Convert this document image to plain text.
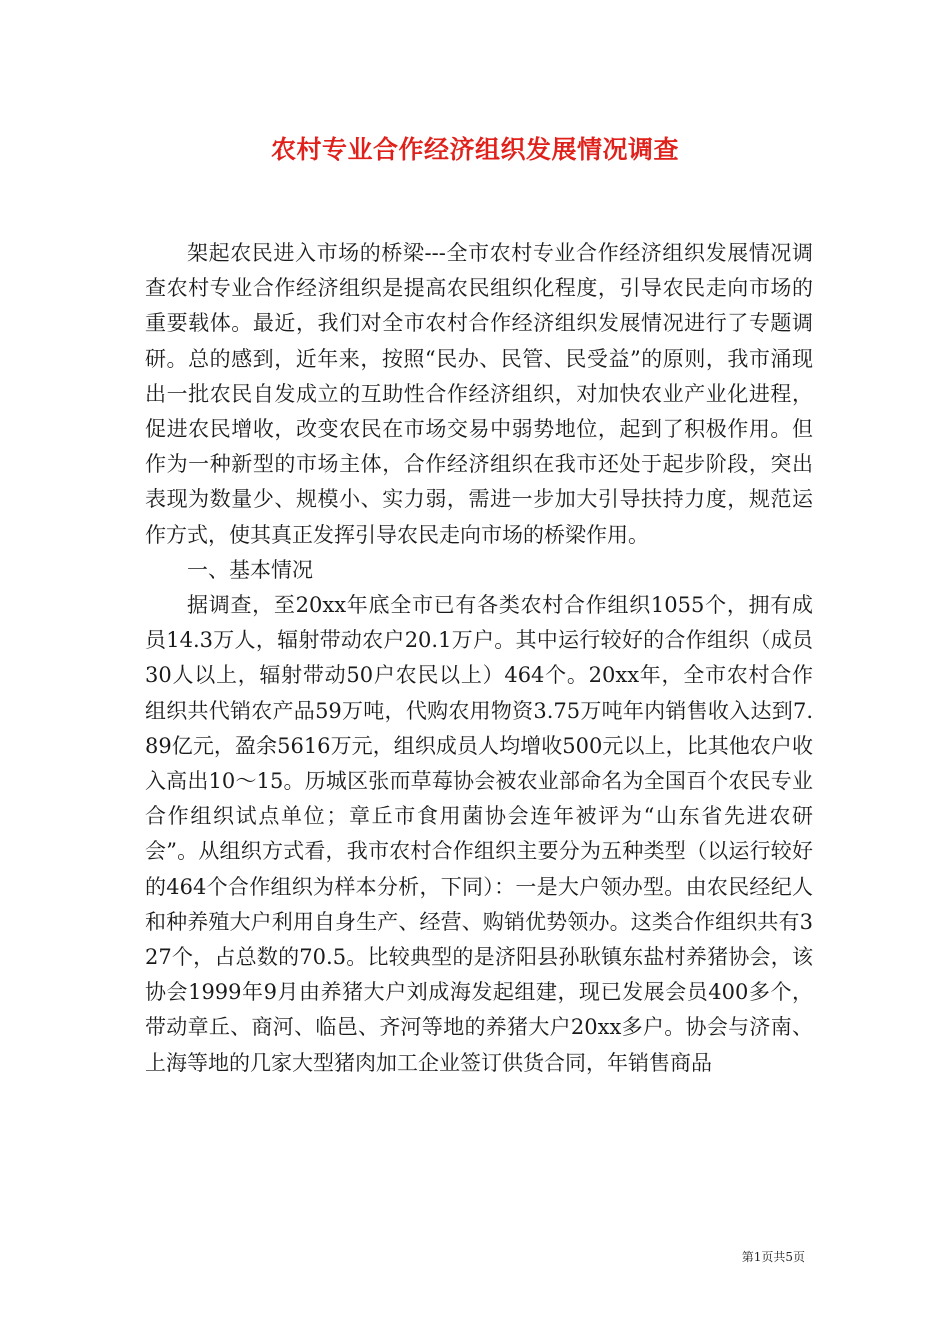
农村专业合作经济组织发展情况调查

架起农民进入市场的桥梁---全市农村专业合作经济组织发展情况调查农村专业合作经济组织是提高农民组织化程度，引导农民走向市场的重要载体。最近，我们对全市农村合作经济组织发展情况进行了专题调研。总的感到，近年来，按照“民办、民管、民受益”的原则，我市涌现出一批农民自发成立的互助性合作经济组织，对加快农业产业化进程，促进农民增收，改变农民在市场交易中弱势地位，起到了积极作用。但作为一种新型的市场主体，合作经济组织在我市还处于起步阶段，突出表现为数量少、规模小、实力弱，需进一步加大引导扶持力度，规范运作方式，使其真正发挥引导农民走向市场的桥梁作用。

一、基本情况

据调查，至20xx年底全市已有各类农村合作组织1055个，拥有成员14.3万人，辐射带动农户20.1万户。其中运行较好的合作组织（成员30人以上，辐射带动50户农民以上）464个。20xx年，全市农村合作组织共代销农产品59万吨，代购农用物资3.75万吨年内销售收入达到7.89亿元，盈余5616万元，组织成员人均增收500元以上，比其他农户收入高出10～15。历城区张而草莓协会被农业部命名为全国百个农民专业合作组织试点单位；章丘市食用菌协会连年被评为“山东省先进农研会”。从组织方式看，我市农村合作组织主要分为五种类型（以运行较好的464个合作组织为样本分析，下同）：一是大户领办型。由农民经纪人和种养殖大户利用自身生产、经营、购销优势领办。这类合作组织共有327个，占总数的70.5。比较典型的是济阳县孙耿镇东盐村养猪协会，该协会1999年9月由养猪大户刘成海发起组建，现已发展会员400多个，带动章丘、商河、临邑、齐河等地的养猪大户20xx多户。协会与济南、上海等地的几家大型猪肉加工企业签订供货合同，年销售商品

第1页共5页
